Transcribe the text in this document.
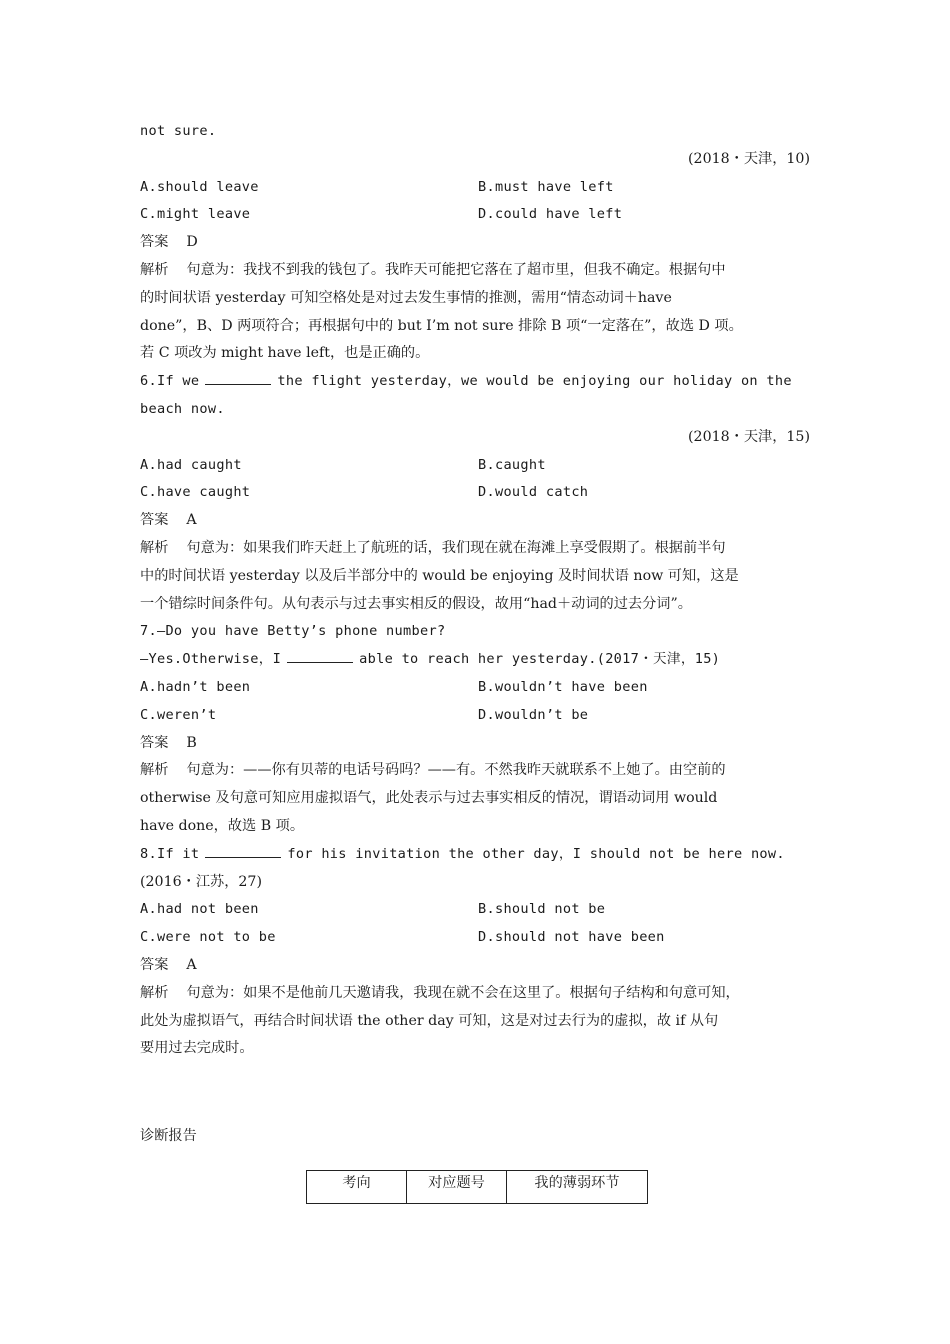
not sure.
(2018・天津，10)
A.should leave	B.must have left
C.might leave	D.could have left
答案 D
解析 句意为：我找不到我的钱包了。我昨天可能把它落在了超市里，但我不确定。根据句中
的时间状语 yesterday 可知空格处是对过去发生事情的推测，需用“情态动词＋have
done”，B、D 两项符合；再根据句中的 but I’m not sure 排除 B 项“一定落在”，故选 D 项。
若 C 项改为 might have left，也是正确的。
6.If we	the flight yesterday，we would be enjoying our holiday on the
beach now.
(2018・天津，15)
A.had caught	B.caught
C.have caught	D.would catch
答案 A
解析 句意为：如果我们昨天赶上了航班的话，我们现在就在海滩上享受假期了。根据前半句
中的时间状语 yesterday 以及后半部分中的 would be enjoying 及时间状语 now 可知，这是
一个错综时间条件句。从句表示与过去事实相反的假设，故用“had＋动词的过去分词”。
7.—Do you have Betty’s phone number?
—Yes.Otherwise，I	able to reach her yesterday.(2017・天津，15)
A.hadn’t been	B.wouldn’t have been
C.weren’t	D.wouldn’t be
答案 B
解析 句意为：——你有贝蒂的电话号码吗？——有。不然我昨天就联系不上她了。由空前的
otherwise 及句意可知应用虚拟语气，此处表示与过去事实相反的情况，谓语动词用 would
have done，故选 B 项。
8.If it	for his invitation the other day，I should not be here now.
(2016・江苏，27)
A.had not been	B.should not be
C.were not to be	D.should not have been
答案 A
解析 句意为：如果不是他前几天邀请我，我现在就不会在这里了。根据句子结构和句意可知，
此处为虚拟语气，再结合时间状语 the other day 可知，这是对过去行为的虚拟，故 if 从句
要用过去完成时。
诊断报告
考向	对应题号	我的薄弱环节
